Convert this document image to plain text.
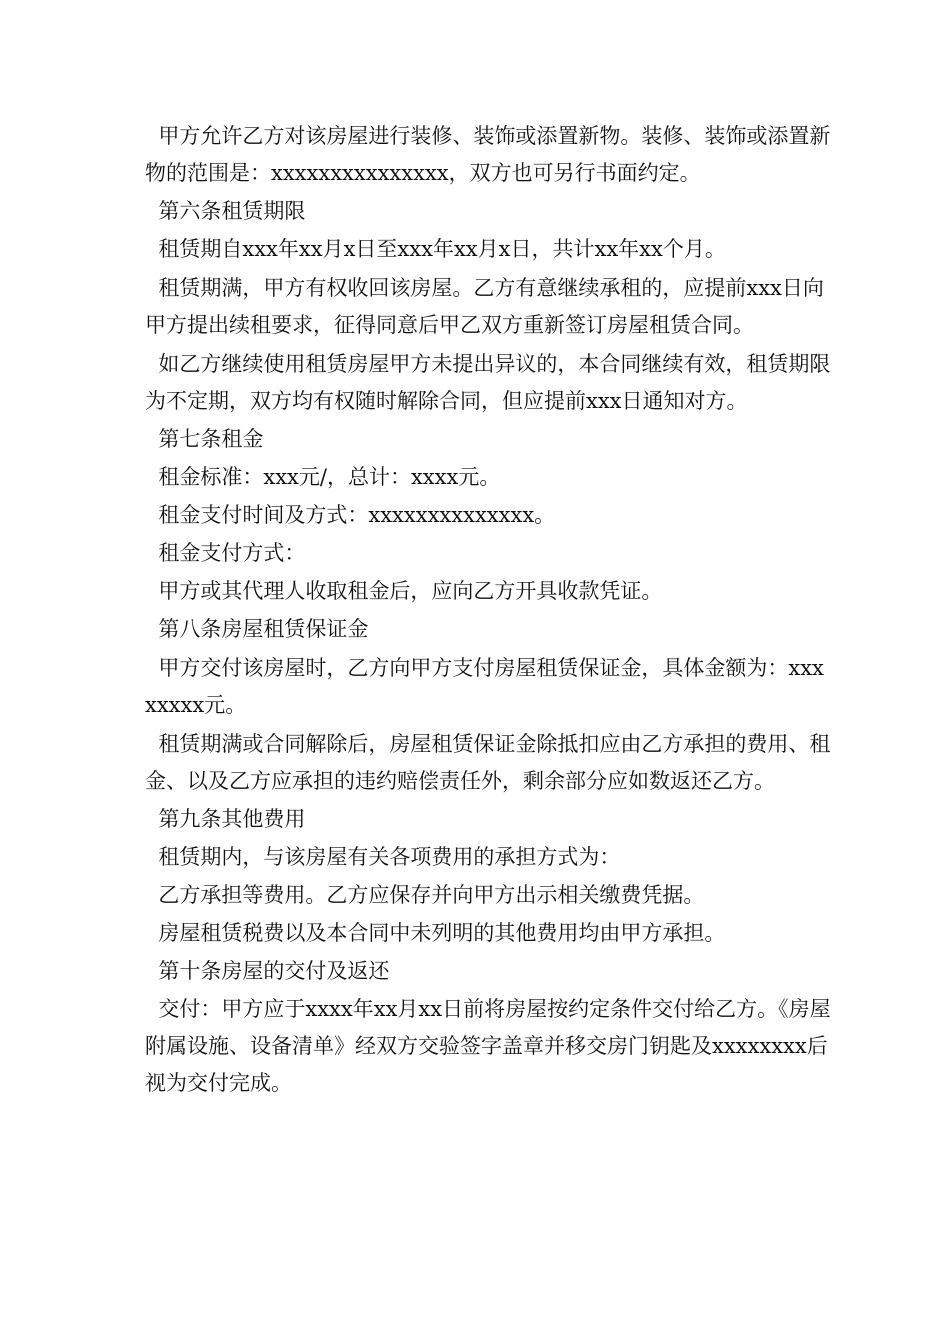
甲方允许乙方对该房屋进行装修、装饰或添置新物。装修、装饰或添置新物的范围是：xxxxxxxxxxxxxxx，双方也可另行书面约定。

第六条租赁期限

租赁期自xxx年xx月x日至xxx年xx月x日，共计xx年xx个月。

租赁期满，甲方有权收回该房屋。乙方有意继续承租的，应提前xxx日向甲方提出续租要求，征得同意后甲乙双方重新签订房屋租赁合同。

如乙方继续使用租赁房屋甲方未提出异议的，本合同继续有效，租赁期限为不定期，双方均有权随时解除合同，但应提前xxx日通知对方。

第七条租金

租金标准：xxx元/，总计：xxxx元。

租金支付时间及方式：xxxxxxxxxxxxxx。

租金支付方式：

甲方或其代理人收取租金后，应向乙方开具收款凭证。

第八条房屋租赁保证金

甲方交付该房屋时，乙方向甲方支付房屋租赁保证金，具体金额为：xxxxxxxx元。

租赁期满或合同解除后，房屋租赁保证金除抵扣应由乙方承担的费用、租金、以及乙方应承担的违约赔偿责任外，剩余部分应如数返还乙方。

第九条其他费用

租赁期内，与该房屋有关各项费用的承担方式为：

乙方承担等费用。乙方应保存并向甲方出示相关缴费凭据。

房屋租赁税费以及本合同中未列明的其他费用均由甲方承担。

第十条房屋的交付及返还

交付：甲方应于xxxx年xx月xx日前将房屋按约定条件交付给乙方。《房屋附属设施、设备清单》经双方交验签字盖章并移交房门钥匙及xxxxxxxx后视为交付完成。
